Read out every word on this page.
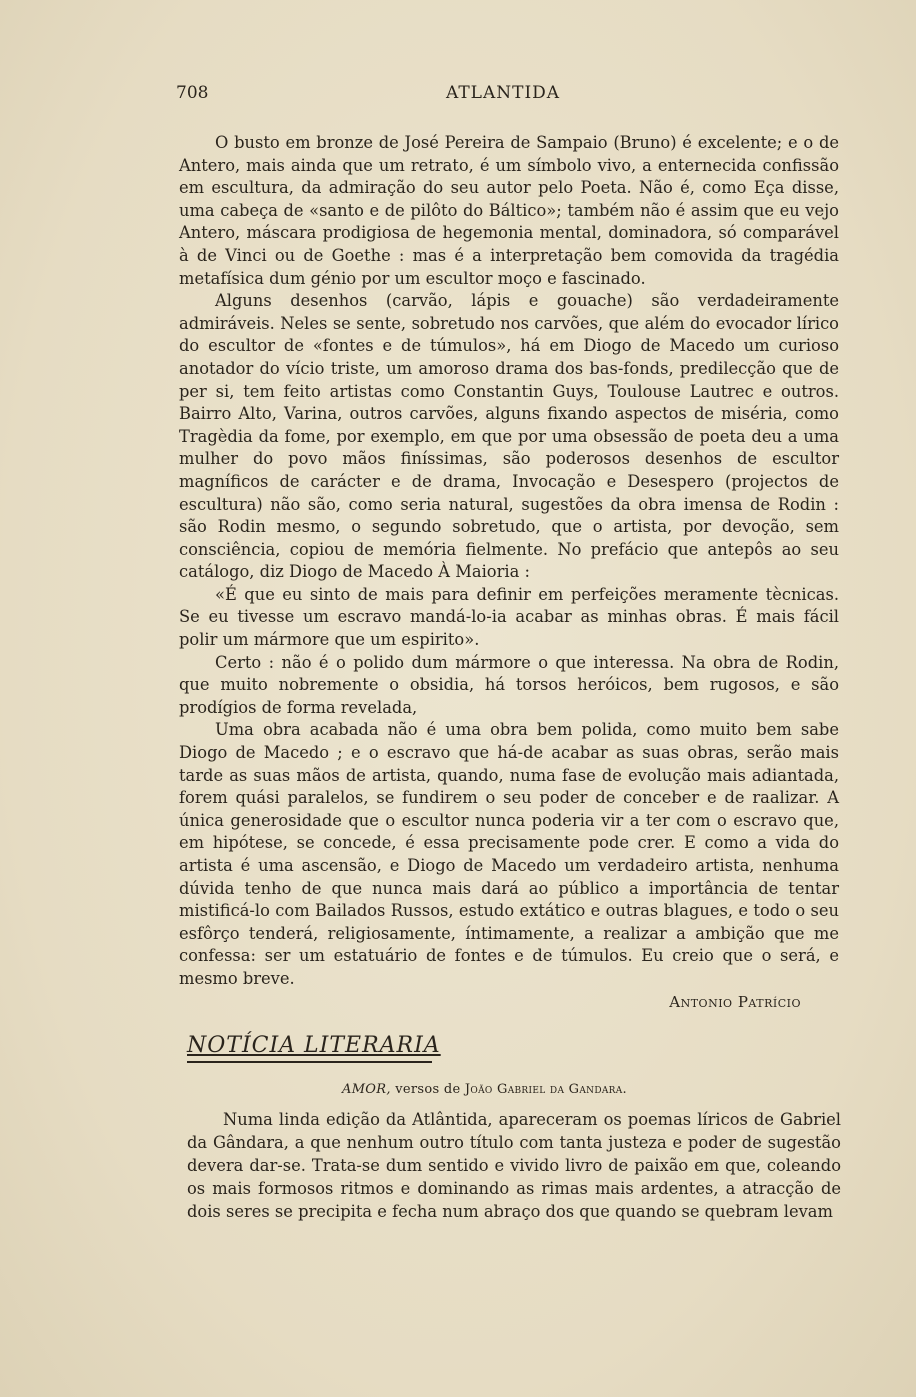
708	ATLANTIDA

O busto em bronze de José Pereira de Sampaio (Bruno) é excelente; e o de Antero, mais ainda que um retrato, é um símbolo vivo, a enternecida confissão em escultura, da admiração do seu autor pelo Poeta. Não é, como Eça disse, uma cabeça de «santo e de pilôto do Báltico»; também não é assim que eu vejo Antero, máscara prodigiosa de hegemonia mental, dominadora, só comparável à de Vinci ou de Goethe : mas é a interpretação bem comovida da tragédia metafísica dum génio por um escultor moço e fascinado.

Alguns desenhos (carvão, lápis e gouache) são verdadeiramente admiráveis. Neles se sente, sobretudo nos carvões, que além do evocador lírico do escultor de «fontes e de túmulos», há em Diogo de Macedo um curioso anotador do vício triste, um amoroso drama dos bas-fonds, predilecção que de per si, tem feito artistas como Constantin Guys, Toulouse Lautrec e outros. Bairro Alto, Varina, outros carvões, alguns fixando aspectos de miséria, como Tragèdia da fome, por exemplo, em que por uma obsessão de poeta deu a uma mulher do povo mãos finíssimas, são poderosos desenhos de escultor magníficos de carácter e de drama, Invocação e Desespero (projectos de escultura) não são, como seria natural, sugestões da obra imensa de Rodin : são Rodin mesmo, o segundo sobretudo, que o artista, por devoção, sem consciência, copiou de memória fielmente. No prefácio que antepôs ao seu catálogo, diz Diogo de Macedo À Maioria :

«É que eu sinto de mais para definir em perfeições meramente tècnicas. Se eu tivesse um escravo mandá-lo-ia acabar as minhas obras. É mais fácil polir um mármore que um espirito».

Certo : não é o polido dum mármore o que interessa. Na obra de Rodin, que muito nobremente o obsidia, há torsos heróicos, bem rugosos, e são prodígios de forma revelada,

Uma obra acabada não é uma obra bem polida, como muito bem sabe Diogo de Macedo ; e o escravo que há-de acabar as suas obras, serão mais tarde as suas mãos de artista, quando, numa fase de evolução mais adiantada, forem quási paralelos, se fundirem o seu poder de conceber e de raalizar. A única generosidade que o escultor nunca poderia vir a ter com o escravo que, em hipótese, se concede, é essa precisamente pode crer. E como a vida do artista é uma ascensão, e Diogo de Macedo um verdadeiro artista, nenhuma dúvida tenho de que nunca mais dará ao público a importância de tentar mistificá-lo com Bailados Russos, estudo extático e outras blagues, e todo o seu esfôrço tenderá, religiosamente, íntimamente, a realizar a ambição que me confessa: ser um estatuário de fontes e de túmulos. Eu creio que o será, e mesmo breve.

Antonio Patrício

NOTÍCIA LITERARIA
AMOR, versos de João Gabriel da Gandara.

Numa linda edição da Atlântida, apareceram os poemas líricos de Gabriel da Gândara, a que nenhum outro título com tanta justeza e poder de sugestão devera dar-se. Trata-se dum sentido e vivido livro de paixão em que, coleando os mais formosos ritmos e dominando as rimas mais ardentes, a atracção de dois seres se precipita e fecha num abraço dos que quando se quebram levam
